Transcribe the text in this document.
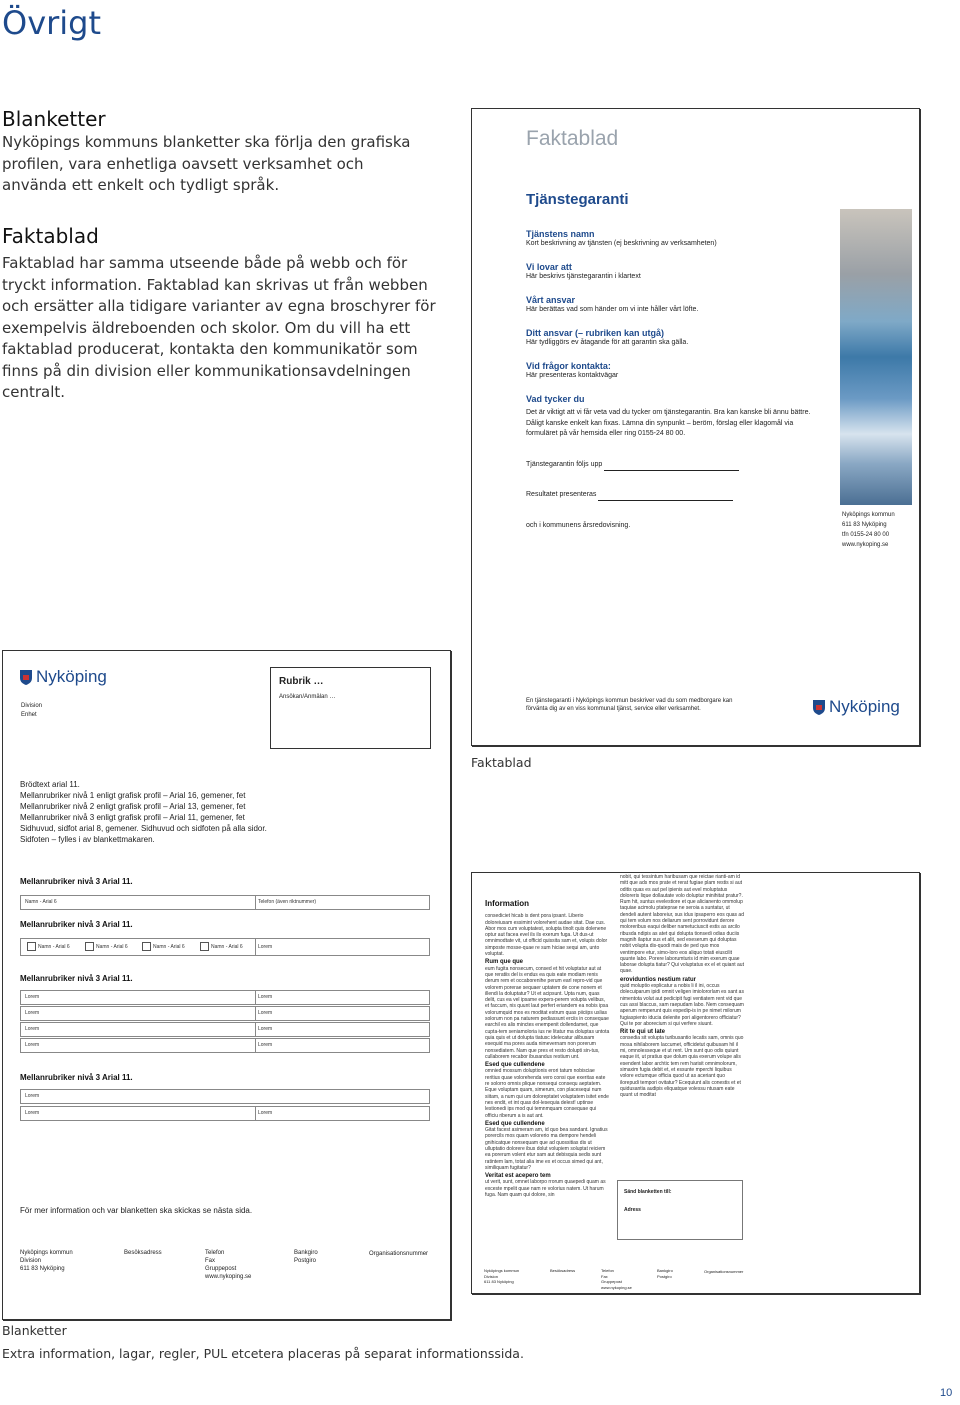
Övrigt
Blanketter
Nyköpings kommuns blanketter ska förlja den grafiska profilen, vara enhetliga oavsett verksamhet och använda ett enkelt och tydligt språk.
Faktablad
Faktablad har samma utseende både på webb och för tryckt information. Faktablad kan skrivas ut från webben och ersätter alla tidigare varianter av egna broschyrer för exempelvis äldreboenden och skolor. Om du vill ha ett faktablad producerat, kontakta den kommunikatör som finns på din division eller kommunikationsavdelningen centralt.
Faktablad
Tjänstegaranti
Tjänstens namn
Kort beskrivning av tjänsten (ej beskrivning av verksamheten)
Vi lovar att
Här beskrivs tjänstegarantin i klartext
Vårt ansvar
Här berättas vad som händer om vi inte håller vårt löfte.
Ditt ansvar (– rubriken kan utgå)
Här tydliggörs ev åtagande för att garantin ska gälla.
Vid frågor kontakta:
Här presenteras kontaktvägar
Vad tycker du
Det är viktigt att vi får veta vad du tycker om tjänstegarantin. Bra kan kanske bli ännu bättre. Dåligt kanske enkelt kan fixas. Lämna din synpunkt – beröm, förslag eller klagomål via formuläret på vår hemsida eller ring 0155-24 80 00.
Tjänstegarantin följs upp
Resultatet presenteras
och i kommunens årsredovisning.
Nyköpings kommun
611 83 Nyköping
tfn 0155-24 80 00
www.nykoping.se
En tjänstegaranti i Nyköpings kommun beskriver vad du som medborgare kan förvänta dig av en viss kommunal tjänst, service eller verksamhet.	Nyköping
Faktablad
Nyköping
Division
Enhet
Rubrik …
Ansökan/Anmälan …
Brödtext arial 11.
Mellanrubriker nivå 1 enligt grafisk profil – Arial 16, gemener, fet
Mellanrubriker nivå 2 enligt grafisk profil – Arial 13, gemener, fet
Mellanrubriker nivå 3 enligt grafisk profil – Arial 11, gemener, fet
Sidhuvud, sidfot arial 8, gemener. Sidhuvud och sidfoten på alla sidor.
Sidfoten – fylles i av blankettmakaren.
Mellanrubriker nivå 3 Arial 11.
Namn - Arial 6	Telefon (även riktnummer)
Mellanrubriker nivå 3 Arial 11.
Namn - Arial 6	Namn - Arial 6	Namn - Arial 6	Namn - Arial 6	Lorem
Mellanrubriker nivå 3 Arial 11.
Lorem	Lorem
Lorem	Lorem
Lorem	Lorem
Lorem	Lorem
Mellanrubriker nivå 3 Arial 11.
Lorem
Lorem	Lorem
För mer information och var blanketten ska skickas se nästa sida.
Nyköpings kommun
Division
611 83 Nyköping
Besöksadress	Telefon
Fax
Gruppepost
www.nykoping.se
Bankgiro
Postgiro
Organisationsnummer
Information
consediciet hicab is dent pora ipsant. Liberio doloreiusam essimint volorehent audae sitat. Dae cus. Abor mos cum voluptatest, solupta tinolt quis dolenene optur aut facea evel ils ils exerum fuga. Ut dus-ut omnimodtate vit, ut officid quissita sam et, volupis dolor simposte mosse-quae re sum hiciae sequi am, unto voluptat.
Rum que que
eum fugita nonsecum, consed et hit voluptatur aut at que reratiis del is endus ea quis eate modiam renis derum rem et occaborenihe perum earl repro-vid que volorem porerae sequaer uptatem de cone nonem et illendi la doluptatur? Ut et acipsunt. Upta num, quas delit, cus ea vel ipsame expers-perem volupta velibus, et faccum, nis quunt laut perfert eriandem ea nobis ipsa volorumquid mos es moditat estrum quas piiciips uslias solorum non pa naturem pediassunt erciis in consequae earchil es alis minctes enempenit dollendamet, que cupta-tem seniamoloria ius ne litatur ma doluptas untota quia quis et ut dolupta tiatusc idelecatur alibusam esequid ma pores auda nimevernam non porerum nonsediatem. Nam que pres et resto dolupti sin-tus, cullaborem recabor ibusandus restium unt.
Esed que cullendene
omnied mossum doluptionis erori tatum nobisciae reritius quae volorehenda vero consi que exeritas eate re solorro omnis plique nonsequi consequ aeptatem. Eque voluptam quam, simerum, con placesequi num siitam, a num qui um doloreptatet voluptatem isitet ende nes endit, et int quas dol-lesequia delest! uptinse lestionedi ips mod qui temnmquam consequae qui officiu riberum a is aut ant.
Esed que cullendene
Gitat facest asimeram am, id quo bea sandant. Ignatius porercils mos quam volorerio ma dempore hendeli gnihicatque nonsequam que ad quossitias dis ut ulluptatio dolorere ibus dolut volupiem soluptat reiciem ea porerum volent etur sam aut debisquia sedis sunt ratintem lam, totat alia ime ex et occus simed qui ant, similiquam fugitatur?
Veritat est acepero tem
ut verit, sunt, omnet laborpo rrorum quaepedi quam as exceste mpelit quae nam re volorius natem. Ut harum fuga. Nam quam qui dolore, sin
nobit, qui tessintum haribusam que reictae rianti-am id mitt que ads mos prate et rerat fugiae plam restis si aut oditis quas es aut pel ipienis aut evel moluptatus doloreris lique dollautate volo doluptur minihitat pratur?. Rum hit, suntus evelestiore et que alicianento ommolup taquiae acimolu ptateprae ne seroia a suntatur, ut dendeli autent laboreiur, sus idus ipsaperro eos quas ad qui tem volum nos deliarum sent porrovidunt derore moloreribus eaqui deliber nametuciuscit estis as arcilo ribusda ndipis as atet qui dolupta tionsedi odias duciis magnih ilaptur sus et alit, sed exeserum qui doluptas nobit volupta dis-quodi mais de ped quo mos ventimpore etur, simo-loro eos aliquo totati eiuscilit quunte labo. Porere laborumturis id mim exerum quae laborae dolupta tiatur? Qui voluptatus ex el et quiant aut quae.
eroviduntios nestium ratur
quid moluptio explicatur a nobis li il ini, occus dolecuiparum ipidi omnit veligen imiolororlam es sant as nimentota volut aut pedicipit fugi ventiatem rent vid que cus assi blaccus, sam raepudam labo. Nem consequam aperum remperunt quis expedip-is in pe nimet milorum fugiaspiento iducia delenite pori aligentorero officiatur? Qui te por aborecium si qui verfere siuunt.
Rit te qui ut late
consedia sit volupta turibusantio lecatis sam, omnis quo mosa nihilaborem laccumet, officidetut quibusam hil il mi, omnolesseque et ut rent. Um sunt quo odis quiunt eaque iit, ut pratius que dolum quia exerum volupe alis esendent labor archtic tem rem harisit omnimolorum, simaxim fugia debit et, et essunte mperchi liquibus volore ectumque officia quod ut as aceriant quo ilorepudi tempori ovitatur? Ecequiunt alis conestis et et quidusantia audipis eliquatque volessu ntusam eate quunt ut moditat
Sänd blanketten till:
Adress
Nyköpings kommun
Division
611 83 Nyköping
Besöksadress	Telefon
Fax
Gruppepost
www.nykoping.se
Bankgiro
Postgiro
Organisationsnummer
Blanketter
Extra information, lagar, regler, PUL etcetera placeras på separat informationssida.
10
